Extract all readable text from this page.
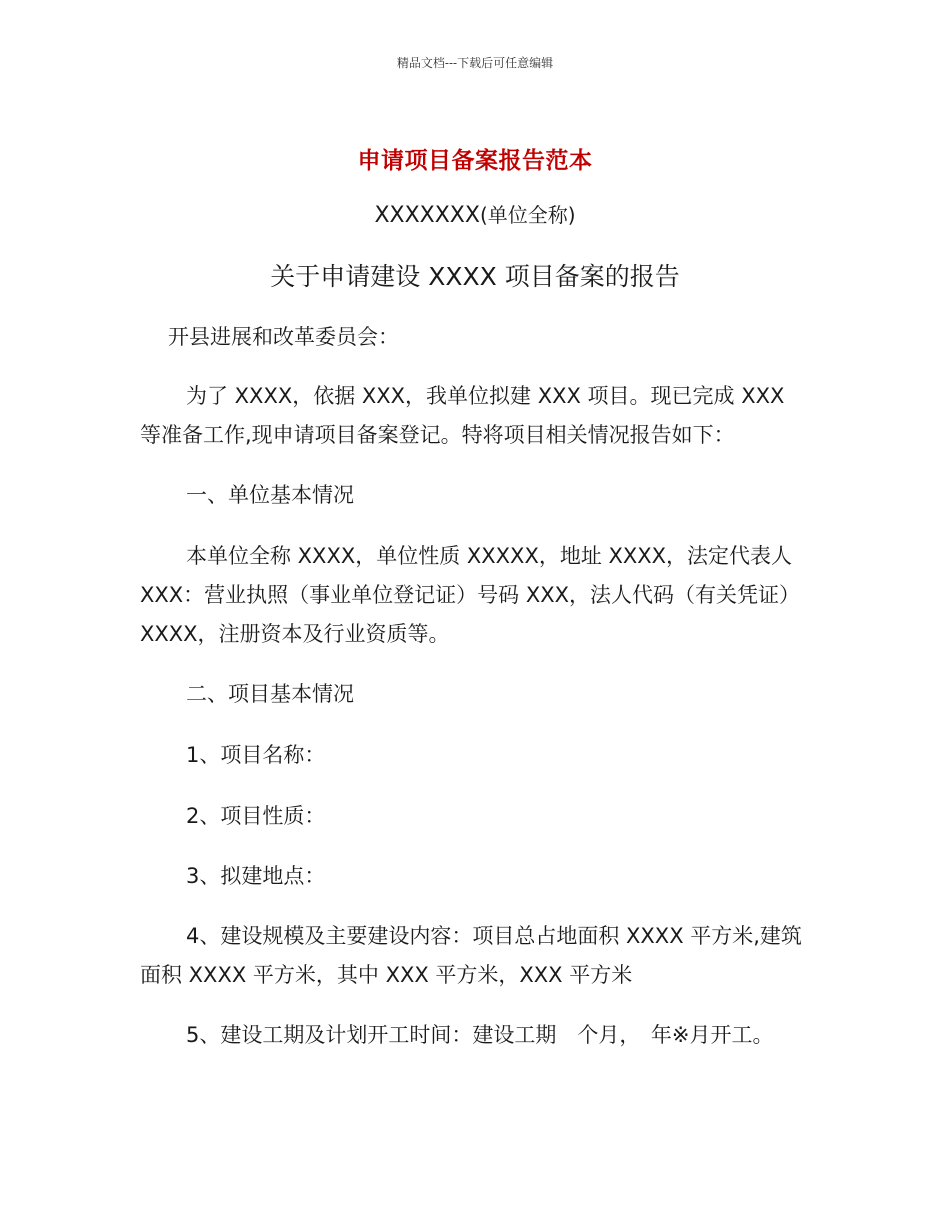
精品文档---下载后可任意编辑
申请项目备案报告范本
XXXXXXX(单位全称)
关于申请建设 XXXX 项目备案的报告
开县进展和改革委员会：
为了 XXXX，依据 XXX，我单位拟建 XXX 项目。现已完成 XXX 等准备工作,现申请项目备案登记。特将项目相关情况报告如下：
一、单位基本情况
本单位全称 XXXX，单位性质 XXXXX，地址 XXXX，法定代表人 XXX：营业执照（事业单位登记证）号码 XXX，法人代码（有关凭证）XXXX，注册资本及行业资质等。
二、项目基本情况
1、项目名称：
2、项目性质：
3、拟建地点：
4、建设规模及主要建设内容：项目总占地面积 XXXX 平方米,建筑面积 XXXX 平方米，其中 XXX 平方米，XXX 平方米
5、建设工期及计划开工时间：建设工期　个月，　年※月开工。
